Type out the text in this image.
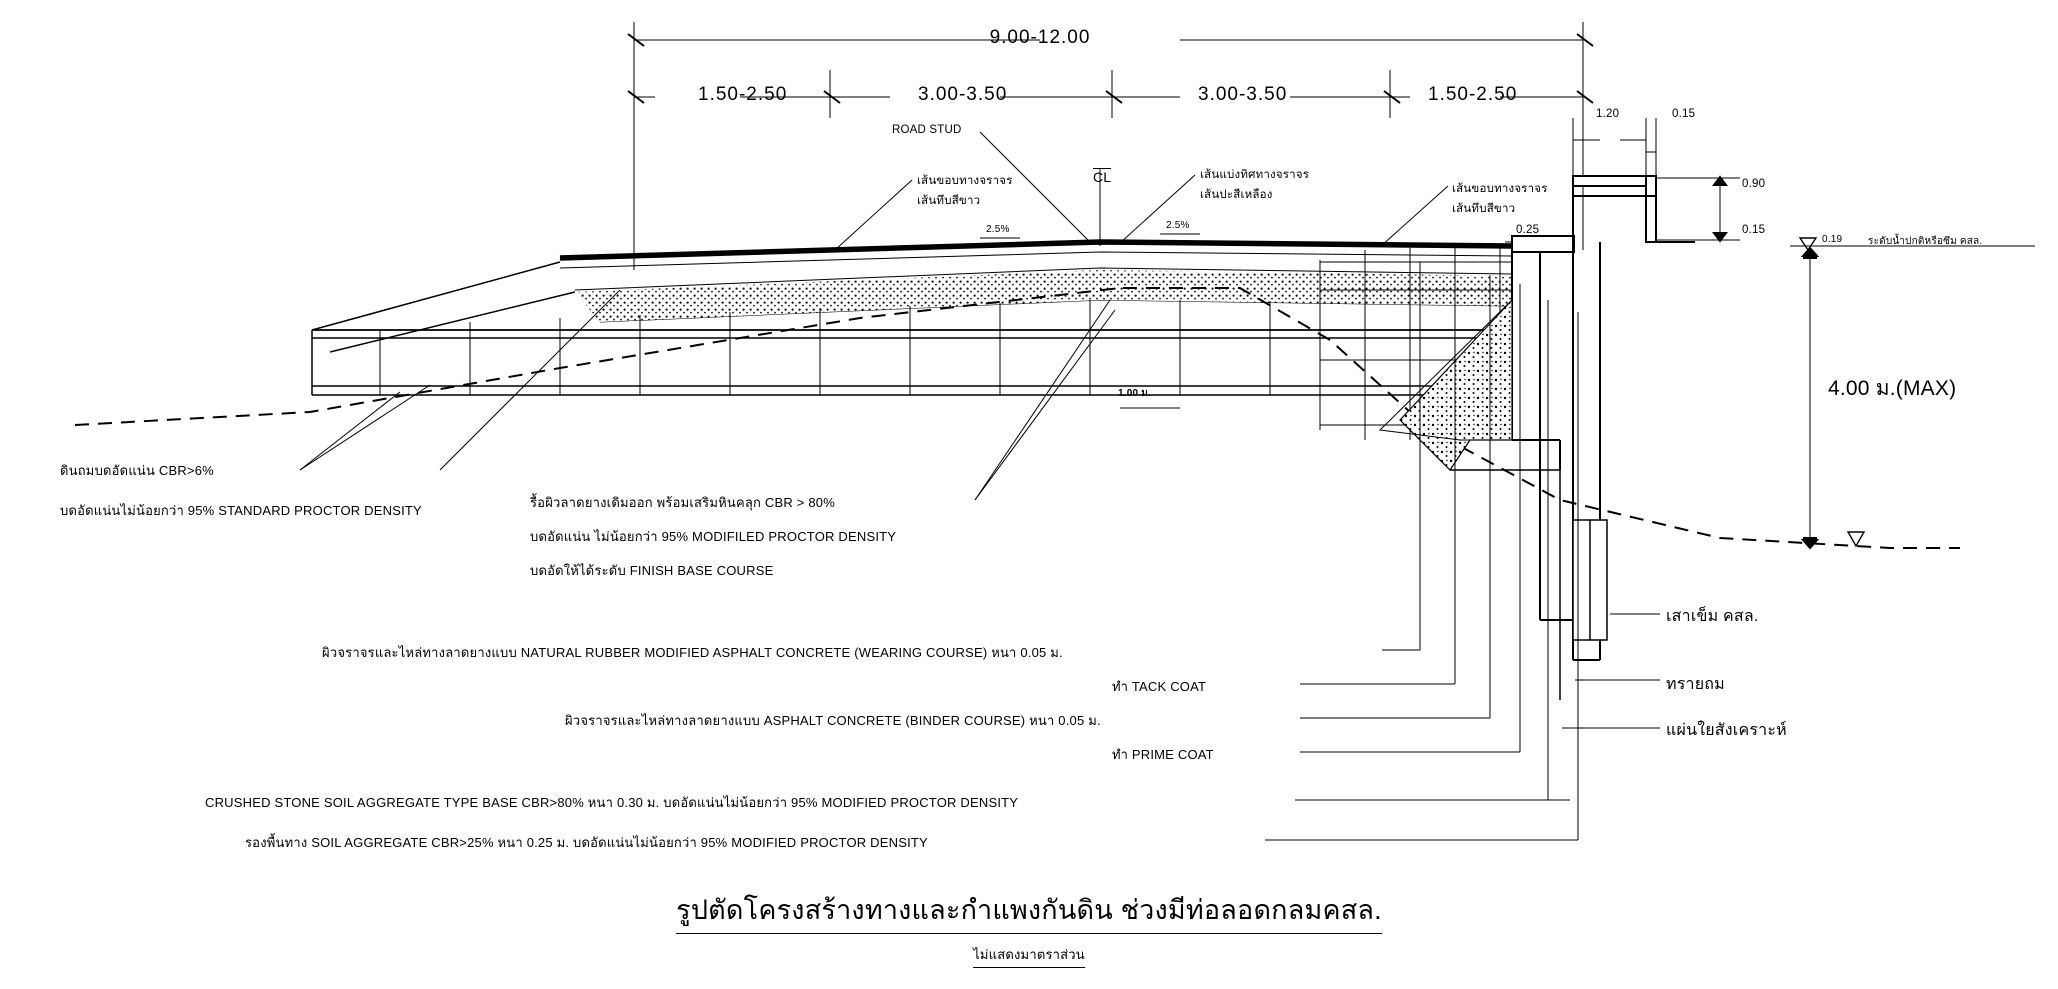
9.00-12.00
1.50-2.50	3.00-3.50	3.00-3.50	1.50-2.50
ROAD STUD
CL
เส้นขอบทางจราจร
เส้นทึบสีขาว
เส้นแบ่งทิศทางจราจร
เส้นปะสีเหลือง	เส้นขอบทางจราจร
เส้นทึบสีขาว
2.5%	2.5%
1.20	0.15
0.90
0.15
0.25
0.19	ระดับน้ำปกติหรือซึม คสล.
4.00 ม.(MAX)
1.00 ม.
ดินถมบดอัดแน่น CBR>6%
บดอัดแน่นไม่น้อยกว่า 95% STANDARD PROCTOR DENSITY
รื้อผิวลาดยางเดิมออก พร้อมเสริมหินคลุก CBR > 80%
บดอัดแน่น ไม่น้อยกว่า 95% MODIFILED PROCTOR DENSITY
บดอัดให้ได้ระดับ FINISH BASE COURSE
ผิวจราจรและไหล่ทางลาดยางแบบ NATURAL RUBBER MODIFIED ASPHALT CONCRETE (WEARING COURSE) หนา 0.05 ม.
ทำ TACK COAT
ผิวจราจรและไหล่ทางลาดยางแบบ ASPHALT CONCRETE (BINDER COURSE) หนา 0.05 ม.
ทำ PRIME COAT
CRUSHED STONE SOIL AGGREGATE TYPE BASE CBR>80% หนา 0.30 ม. บดอัดแน่นไม่น้อยกว่า 95% MODIFIED PROCTOR DENSITY
รองพื้นทาง SOIL AGGREGATE CBR>25% หนา 0.25 ม. บดอัดแน่นไม่น้อยกว่า 95% MODIFIED PROCTOR DENSITY
เสาเข็ม คสล.
ทรายถม
แผ่นใยสังเคราะห์
รูปตัดโครงสร้างทางและกำแพงกันดิน ช่วงมีท่อลอดกลมคสล.
ไม่แสดงมาตราส่วน
